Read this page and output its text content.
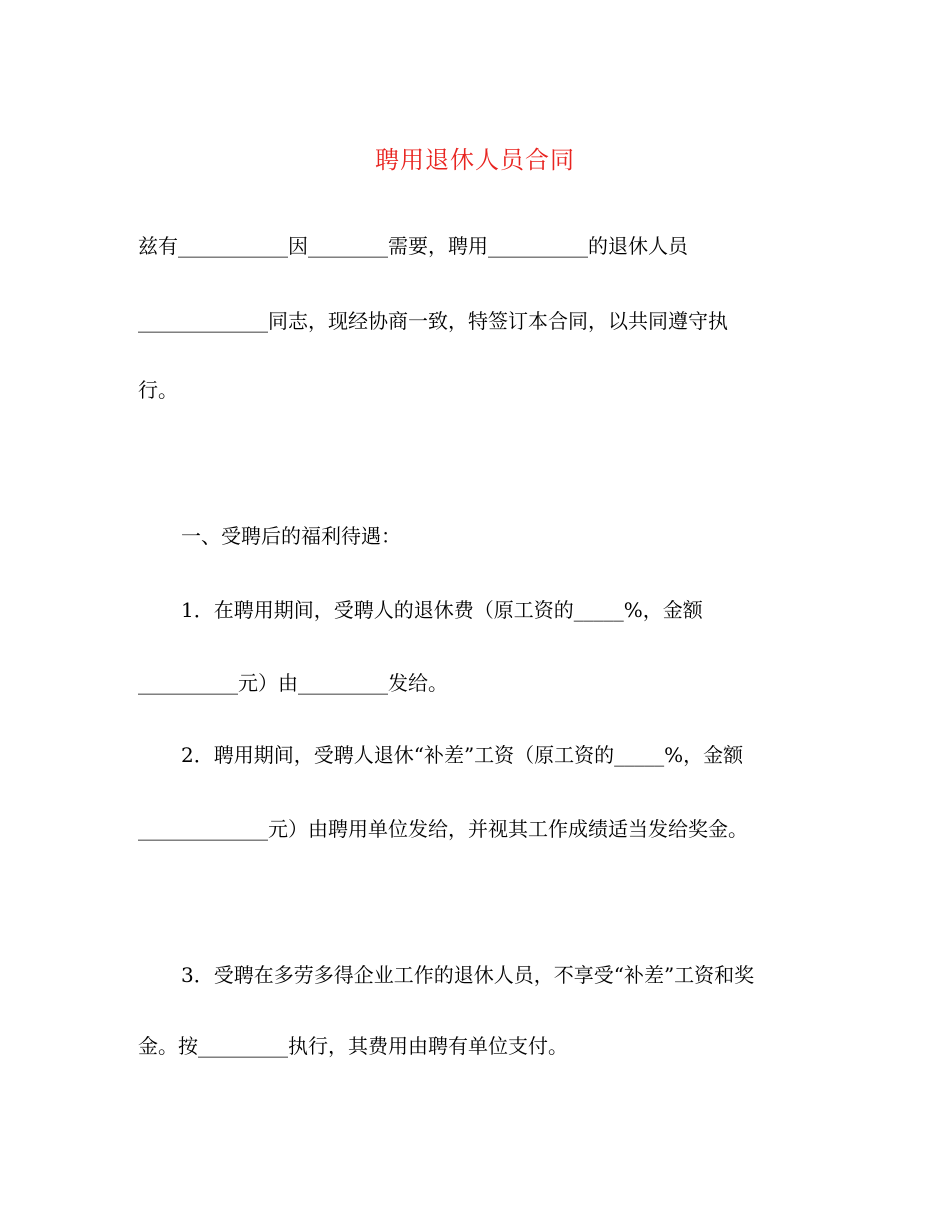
聘用退休人员合同
兹有___________因________需要，聘用__________的退休人员
_____________同志，现经协商一致，特签订本合同，以共同遵守执
行。
一、受聘后的福利待遇：
1．在聘用期间，受聘人的退休费（原工资的_____%，金额
__________元）由_________发给。
2．聘用期间，受聘人退休“补差”工资（原工资的_____%，金额
_____________元）由聘用单位发给，并视其工作成绩适当发给奖金。
3．受聘在多劳多得企业工作的退休人员，不享受“补差”工资和奖
金。按_________执行，其费用由聘有单位支付。
